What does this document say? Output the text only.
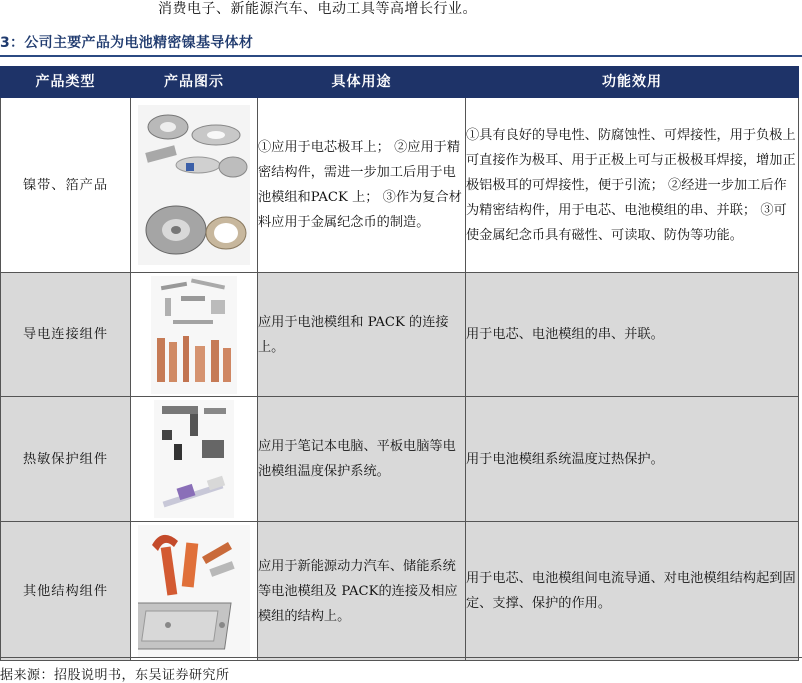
消费电子、新能源汽车、电动工具等高增长行业。
3：公司主要产品为电池精密镍基导体材
产品类型	产品图示	具体用途	功能效用
镍带、箔产品		①应用于电芯极耳上； ②应用于精密结构件，需进一步加工后用于电池模组和PACK 上； ③作为复合材料应用于金属纪念币的制造。	①具有良好的导电性、防腐蚀性、可焊接性，用于负极上可直接作为极耳、用于正极上可与正极极耳焊接，增加正极铝极耳的可焊接性，便于引流； ②经进一步加工后作为精密结构件，用于电芯、电池模组的串、并联； ③可使金属纪念币具有磁性、可读取、防伪等功能。
导电连接组件		应用于电池模组和 PACK 的连接上。	用于电芯、电池模组的串、并联。
热敏保护组件		应用于笔记本电脑、平板电脑等电池模组温度保护系统。	用于电池模组系统温度过热保护。
其他结构组件		应用于新能源动力汽车、储能系统等电池模组及 PACK的连接及相应模组的结构上。	用于电芯、电池模组间电流导通、对电池模组结构起到固定、支撑、保护的作用。
据来源：招股说明书，东吴证券研究所
